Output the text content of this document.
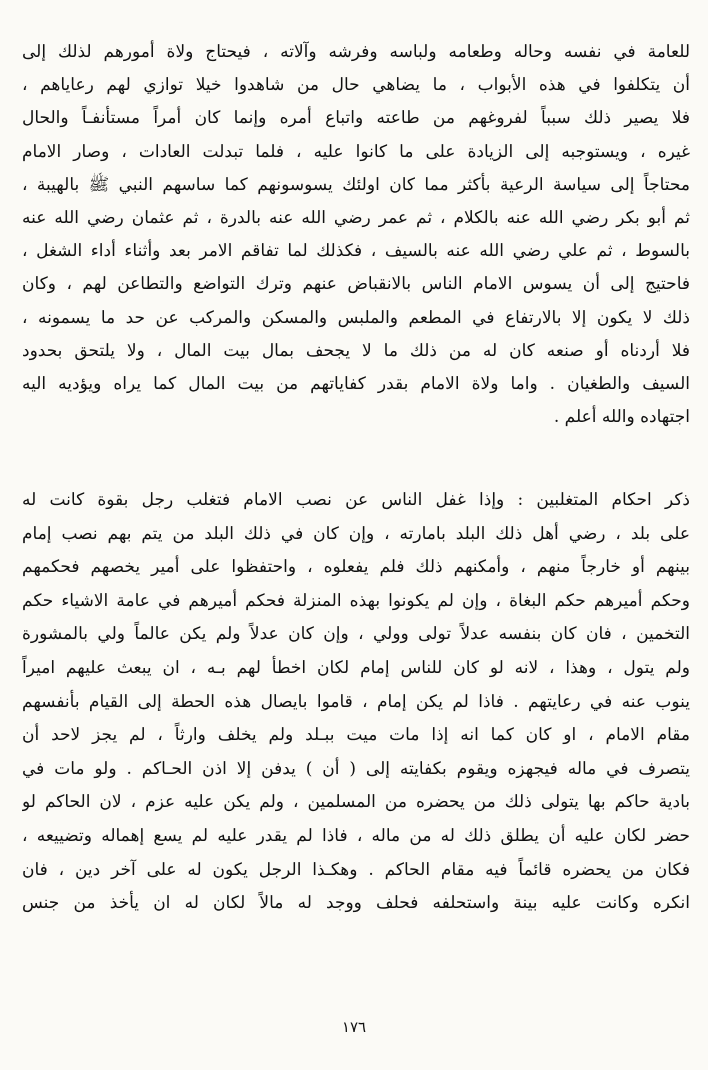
للعامة في نفسه وحاله وطعامه ولباسه وفرشه وآلاته ، فيحتاج ولاة أمورهم لذلك إلى
أن يتكلفوا في هذه الأبواب ، ما يضاهي حال من شاهدوا خيلا توازي لهم رعاياهم ،
فلا يصير ذلك سبباً لفروغهم من طاعته واتباع أمره وإنما كان أمراً مستأنفـاً والحال
غيره ، ويستوجبه إلى الزيادة على ما كانوا عليه ، فلما تبدلت العادات ، وصار الامام
محتاجاً إلى سياسة الرعية بأكثر مما كان اولئك يسوسونهم كما ساسهم النبي ﷺ بالهيبة ،
ثم أبو بكر رضي الله عنه بالكلام ، ثم عمر رضي الله عنه بالدرة ، ثم عثمان رضي الله عنه
بالسوط ، ثم علي رضي الله عنه بالسيف ، فكذلك لما تفاقم الامر بعد وأثناء أداء الشغل ،
فاحتيج إلى أن يسوس الامام الناس بالانقباض عنهم وترك التواضع والتطاعن لهم ، وكان
ذلك لا يكون إلا بالارتفاع في المطعم والملبس والمسكن والمركب عن حد ما يسمونه ،
فلا أردناه أو صنعه كان له من ذلك ما لا يجحف بمال بيت المال ، ولا يلتحق بحدود
السيف والطغيان . واما ولاة الامام بقدر كفاياتهم من بيت المال كما يراه ويؤديه اليه
اجتهاده والله أعلم .
ذكر احكام المتغلبين : وإذا غفل الناس عن نصب الامام فتغلب رجل بقوة كانت له
على بلد ، رضي أهل ذلك البلد بامارته ، وإن كان في ذلك البلد من يتم بهم نصب إمام
بينهم أو خارجاً منهم ، وأمكنهم ذلك فلم يفعلوه ، واحتفظوا على أمير يخصهم فحكمهم
وحكم أميرهم حكم البغاة ، وإن لم يكونوا بهذه المنزلة فحكم أميرهم في عامة الاشياء حكم
التخمين ، فان كان بنفسه عدلاً تولى وولي ، وإن كان عدلاً ولم يكن عالماً ولي بالمشورة
ولم يتول ، وهذا ، لانه لو كان للناس إمام لكان اخطأ لهم بـه ، ان يبعث عليهم اميراً
ينوب عنه في رعايتهم . فاذا لم يكن إمام ، قاموا بايصال هذه الحطة إلى القيام بأنفسهم
مقام الامام ، او كان كما انه إذا مات ميت ببـلد ولم يخلف وارثاً ، لم يجز لاحد أن
يتصرف في ماله فيجهزه ويقوم بكفايته إلى ( أن ) يدفن إلا اذن الحـاكم . ولو مات في
بادية حاكم بها يتولى ذلك من يحضره من المسلمين ، ولم يكن عليه عزم ، لان الحاكم لو
حضر لكان عليه أن يطلق ذلك له من ماله ، فاذا لم يقدر عليه لم يسع إهماله وتضييعه ،
فكان من يحضره قائماً فيه مقام الحاكم . وهكـذا الرجل يكون له على آخر دين ، فان
انكره وكانت عليه بينة واستحلفه فحلف ووجد له مالاً لكان له ان يأخذ من جنس
١٧٦
